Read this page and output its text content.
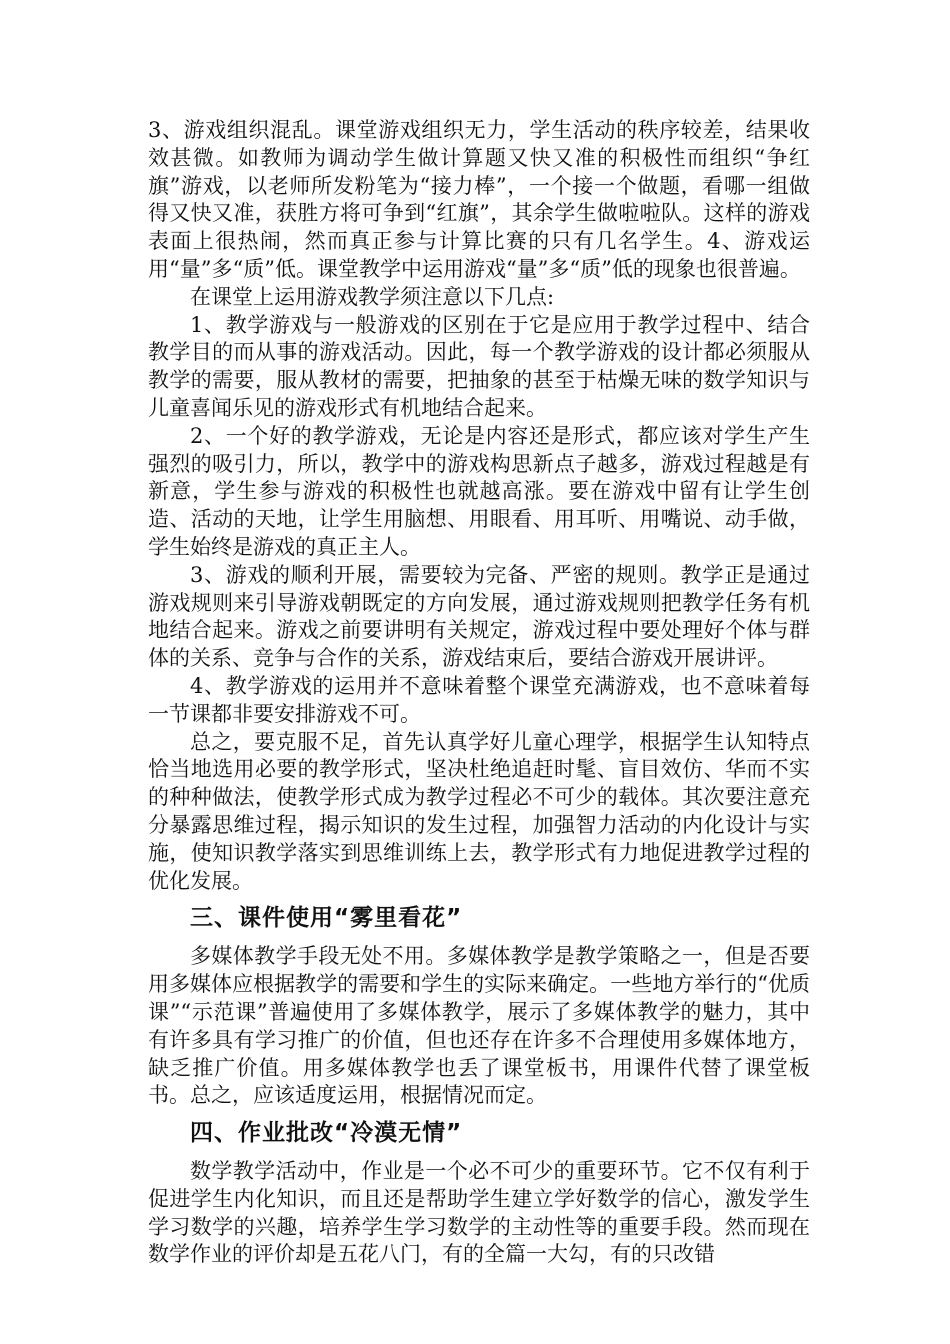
3、游戏组织混乱。课堂游戏组织无力，学生活动的秩序较差，结果收效甚微。如教师为调动学生做计算题又快又准的积极性而组织“争红旗”游戏，以老师所发粉笔为“接力棒”，一个接一个做题，看哪一组做得又快又准，获胜方将可争到“红旗”，其余学生做啦啦队。这样的游戏表面上很热闹，然而真正参与计算比赛的只有几名学生。4、游戏运用“量”多“质”低。课堂教学中运用游戏“量”多“质”低的现象也很普遍。

在课堂上运用游戏教学须注意以下几点:

1、教学游戏与一般游戏的区别在于它是应用于教学过程中、结合教学目的而从事的游戏活动。因此，每一个教学游戏的设计都必须服从教学的需要，服从教材的需要，把抽象的甚至于枯燥无味的数学知识与儿童喜闻乐见的游戏形式有机地结合起来。

2、一个好的教学游戏，无论是内容还是形式，都应该对学生产生强烈的吸引力，所以，教学中的游戏构思新点子越多，游戏过程越是有新意，学生参与游戏的积极性也就越高涨。要在游戏中留有让学生创造、活动的天地，让学生用脑想、用眼看、用耳听、用嘴说、动手做，学生始终是游戏的真正主人。

3、游戏的顺利开展，需要较为完备、严密的规则。教学正是通过游戏规则来引导游戏朝既定的方向发展，通过游戏规则把教学任务有机地结合起来。游戏之前要讲明有关规定，游戏过程中要处理好个体与群体的关系、竞争与合作的关系，游戏结束后，要结合游戏开展讲评。

4、教学游戏的运用并不意味着整个课堂充满游戏，也不意味着每一节课都非要安排游戏不可。

总之，要克服不足，首先认真学好儿童心理学，根据学生认知特点恰当地选用必要的教学形式，坚决杜绝追赶时髦、盲目效仿、华而不实的种种做法，使教学形式成为教学过程必不可少的载体。其次要注意充分暴露思维过程，揭示知识的发生过程，加强智力活动的内化设计与实施，使知识教学落实到思维训练上去，教学形式有力地促进教学过程的优化发展。

三、课件使用“雾里看花”

多媒体教学手段无处不用。多媒体教学是教学策略之一，但是否要用多媒体应根据教学的需要和学生的实际来确定。一些地方举行的“优质课”“示范课”普遍使用了多媒体教学，展示了多媒体教学的魅力，其中有许多具有学习推广的价值，但也还存在许多不合理使用多媒体地方，缺乏推广价值。用多媒体教学也丢了课堂板书，用课件代替了课堂板书。总之，应该适度运用，根据情况而定。

四、作业批改“冷漠无情”

数学教学活动中，作业是一个必不可少的重要环节。它不仅有利于促进学生内化知识，而且还是帮助学生建立学好数学的信心，激发学生学习数学的兴趣，培养学生学习数学的主动性等的重要手段。然而现在数学作业的评价却是五花八门，有的全篇一大勾，有的只改错
